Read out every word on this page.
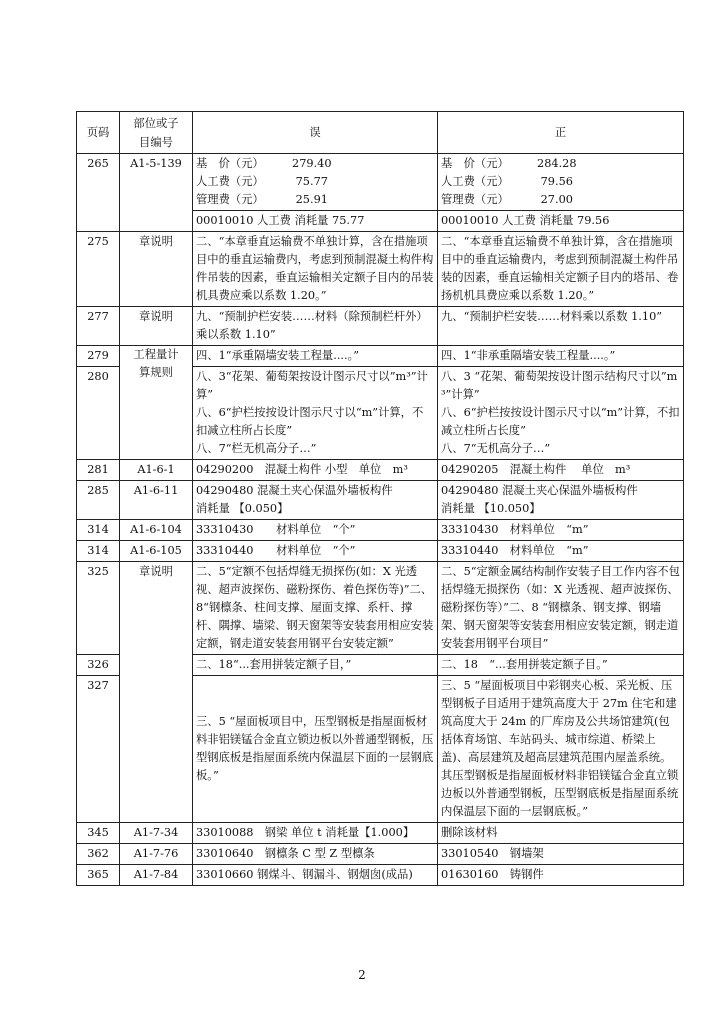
页码	部位或子目编号	误	正
265	A1-5-139	基　价（元）　　　279.40
人工费（元）　　　 75.77
管理费（元）　　　 25.91	基　价（元）　　　284.28
人工费（元）　　　 79.56
管理费（元）　　　 27.00

		00010010 人工费 消耗量 75.77	00010010 人工费 消耗量 79.56
275	章说明	二、“本章垂直运输费不单独计算，含在措施项目中的垂直运输费内，考虑到预制混凝土构件构件吊装的因素，垂直运输相关定额子目内的吊装机具费应乘以系数 1.20。”	二、“本章垂直运输费不单独计算，含在措施项目中的垂直运输费内，考虑到预制混凝土构件吊装的因素，垂直运输相关定额子目内的塔吊、卷扬机机具费应乘以系数 1.20。”
277	章说明	九、“预制护栏安装……材料（除预制栏杆外）乘以系数 1.10”	九、“预制护栏安装……材料乘以系数 1.10”
279	工程量计算规则	四、1“承重隔墙安装工程量....。”	四、1“非承重隔墙安装工程量....。”
280		八、3“花架、葡萄架按设计图示尺寸以”m³”计算”
八、6“护栏按按设计图示尺寸以“m”计算，不扣减立柱所占长度”
八、7“栏无机高分子…”	八、3 “花架、葡萄架按设计图示结构尺寸以”m³”计算”
八、6“护栏按按设计图示尺寸以“m”计算，不扣减立柱所占长度”
八、7“无机高分子…”
281	A1-6-1	04290200　混凝土构件 小型　单位　m³	04290205　混凝土构件　 单位　m³
285	A1-6-11	04290480 混凝土夹心保温外墙板构件
消耗量 【0.050】	04290480 混凝土夹心保温外墙板构件
消耗量 【10.050】

314	A1-6-104	33310430　　材料单位　“个”	33310430　材料单位　“m”
314	A1-6-105	33310440　　材料单位　“个”	33310440　材料单位　“m”
325	章说明	二、5“定额不包括焊缝无损探伤(如：X 光透视、超声波探伤、磁粉探伤、着色探伤等)”二、8“钢檩条、柱间支撑、屋面支撑、系杆、撑杆、隅撑、墙梁、钢天窗架等安装套用相应安装定额，钢走道安装套用钢平台安装定额”	二、5“定额金属结构制作安装子目工作内容不包括焊缝无损探伤（如：X 光透视、超声波探伤、磁粉探伤等）”二、8 “钢檩条、钢支撑、钢墙架、钢天窗架等安装套用相应安装定额，钢走道安装套用钢平台项目”
326		二、18“...套用拼装定额子目，”	二、18　“...套用拼装定额子目。”
327		三、5 “屋面板项目中，压型钢板是指屋面板材料非铝镁锰合金直立锁边板以外普通型钢板，压型钢底板是指屋面系统内保温层下面的一层钢底板。”	三、5 “屋面板项目中彩钢夹心板、采光板、压型钢板子目适用于建筑高度大于 27m 住宅和建筑高度大于 24m 的厂库房及公共场馆建筑(包括体育场馆、车站码头、城市综道、桥梁上盖)、高层建筑及超高层建筑范围内屋盖系统。其压型钢板是指屋面板材料非铝镁锰合金直立锁边板以外普通型钢板，压型钢底板是指屋面系统内保温层下面的一层钢底板。”
345	A1-7-34	33010088　钢梁 单位 t 消耗量【1.000】	删除该材料
362	A1-7-76	33010640　钢檩条 C 型 Z 型檩条	33010540　钢墙架
365	A1-7-84	33010660 钢煤斗、钢漏斗、钢烟囱(成品)	01630160　铸钢件
2
